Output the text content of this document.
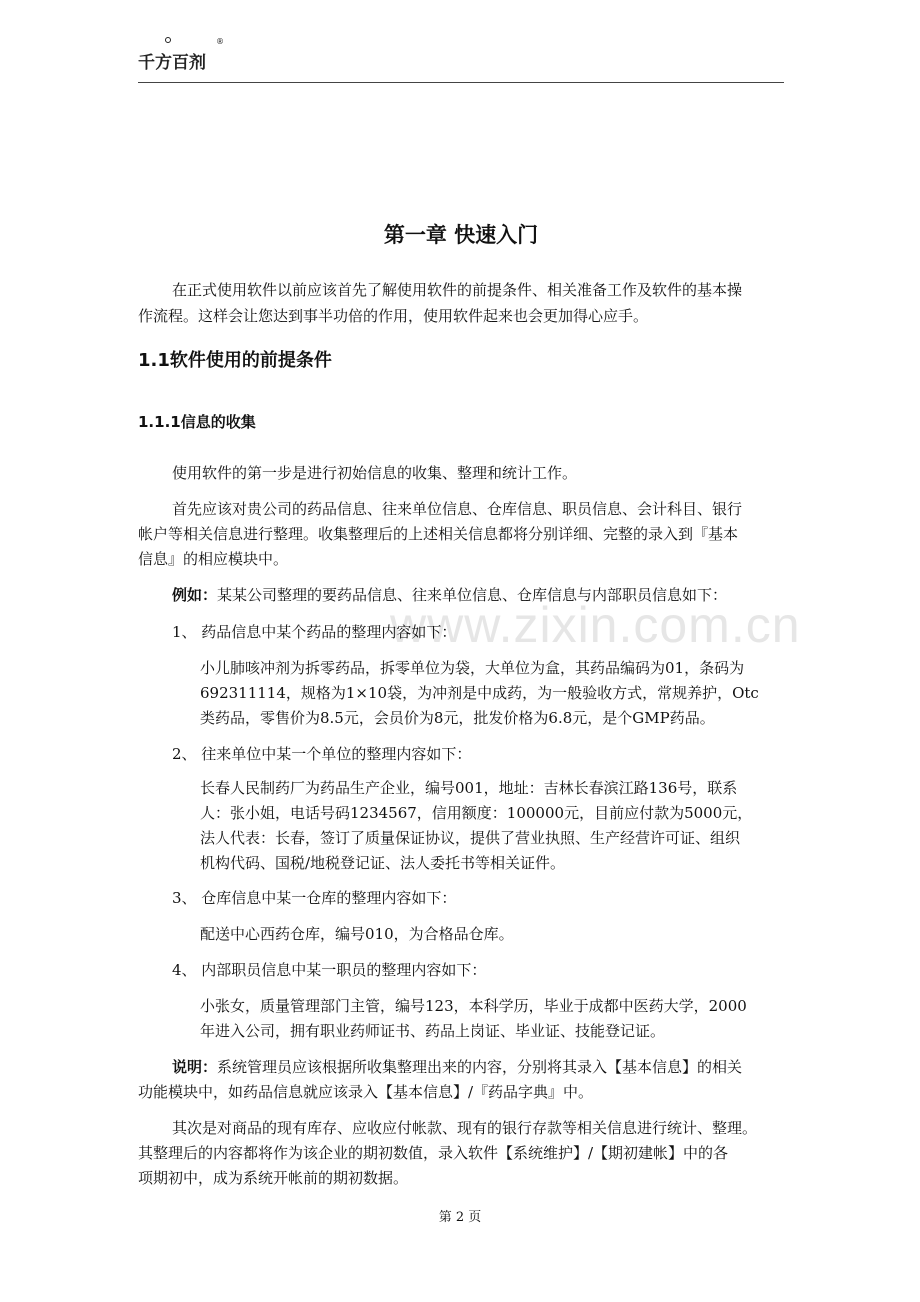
千方百剂
®
www.zixin.com.cn
第一章 快速入门
在正式使用软件以前应该首先了解使用软件的前提条件、相关准备工作及软件的基本操
作流程。这样会让您达到事半功倍的作用，使用软件起来也会更加得心应手。
1.1软件使用的前提条件
1.1.1信息的收集
使用软件的第一步是进行初始信息的收集、整理和统计工作。
首先应该对贵公司的药品信息、往来单位信息、仓库信息、职员信息、会计科目、银行
帐户等相关信息进行整理。收集整理后的上述相关信息都将分别详细、完整的录入到『基本
信息』的相应模块中。
例如：某某公司整理的要药品信息、往来单位信息、仓库信息与内部职员信息如下：
1、 药品信息中某个药品的整理内容如下：
小儿肺咳冲剂为拆零药品，拆零单位为袋，大单位为盒，其药品编码为01，条码为
692311114，规格为1×10袋，为冲剂是中成药，为一般验收方式，常规养护，Otc
类药品，零售价为8.5元，会员价为8元，批发价格为6.8元，是个GMP药品。
2、 往来单位中某一个单位的整理内容如下：
长春人民制药厂为药品生产企业，编号001，地址：吉林长春滨江路136号，联系
人：张小姐，电话号码1234567，信用额度：100000元，目前应付款为5000元，
法人代表：长春，签订了质量保证协议，提供了营业执照、生产经营许可证、组织
机构代码、国税/地税登记证、法人委托书等相关证件。
3、 仓库信息中某一仓库的整理内容如下：
配送中心西药仓库，编号010，为合格品仓库。
4、 内部职员信息中某一职员的整理内容如下：
小张女，质量管理部门主管，编号123，本科学历，毕业于成都中医药大学，2000
年进入公司，拥有职业药师证书、药品上岗证、毕业证、技能登记证。
说明：系统管理员应该根据所收集整理出来的内容，分别将其录入【基本信息】的相关
功能模块中，如药品信息就应该录入【基本信息】/『药品字典』中。
其次是对商品的现有库存、应收应付帐款、现有的银行存款等相关信息进行统计、整理。
其整理后的内容都将作为该企业的期初数值，录入软件【系统维护】/【期初建帐】中的各
项期初中，成为系统开帐前的期初数据。
第 2 页
